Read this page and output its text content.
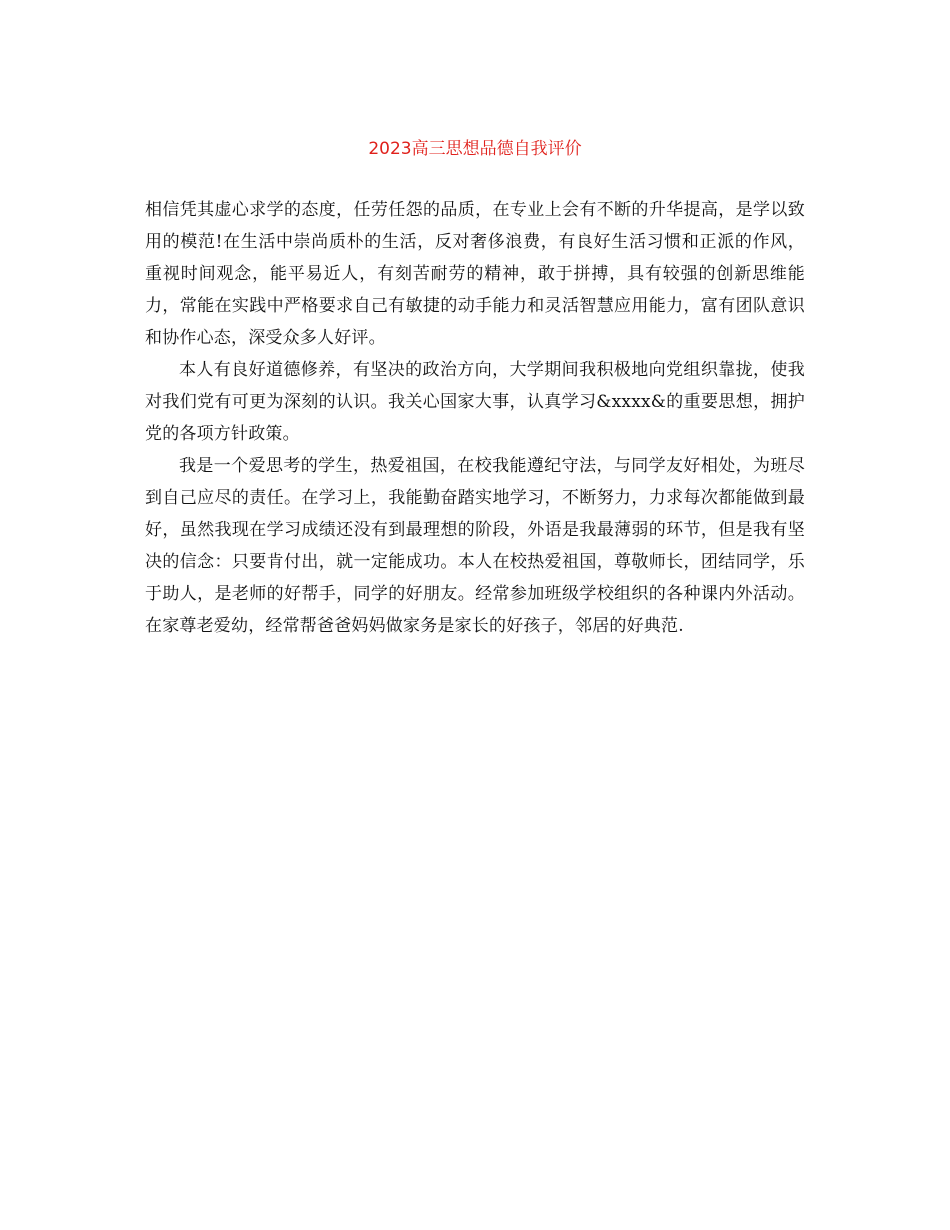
2023高三思想品德自我评价

相信凭其虚心求学的态度，任劳任怨的品质，在专业上会有不断的升华提高，是学以致用的模范!在生活中崇尚质朴的生活，反对奢侈浪费，有良好生活习惯和正派的作风，重视时间观念，能平易近人，有刻苦耐劳的精神，敢于拼搏，具有较强的创新思维能力，常能在实践中严格要求自己有敏捷的动手能力和灵活智慧应用能力，富有团队意识和协作心态，深受众多人好评。

本人有良好道德修养，有坚决的政治方向，大学期间我积极地向党组织靠拢，使我对我们党有可更为深刻的认识。我关心国家大事，认真学习&xxxx&的重要思想，拥护党的各项方针政策。

我是一个爱思考的学生，热爱祖国，在校我能遵纪守法，与同学友好相处，为班尽到自己应尽的责任。在学习上，我能勤奋踏实地学习，不断努力，力求每次都能做到最好，虽然我现在学习成绩还没有到最理想的阶段，外语是我最薄弱的环节，但是我有坚决的信念：只要肯付出，就一定能成功。本人在校热爱祖国，尊敬师长，团结同学，乐于助人，是老师的好帮手，同学的好朋友。经常参加班级学校组织的各种课内外活动。在家尊老爱幼，经常帮爸爸妈妈做家务是家长的好孩子，邻居的好典范.
